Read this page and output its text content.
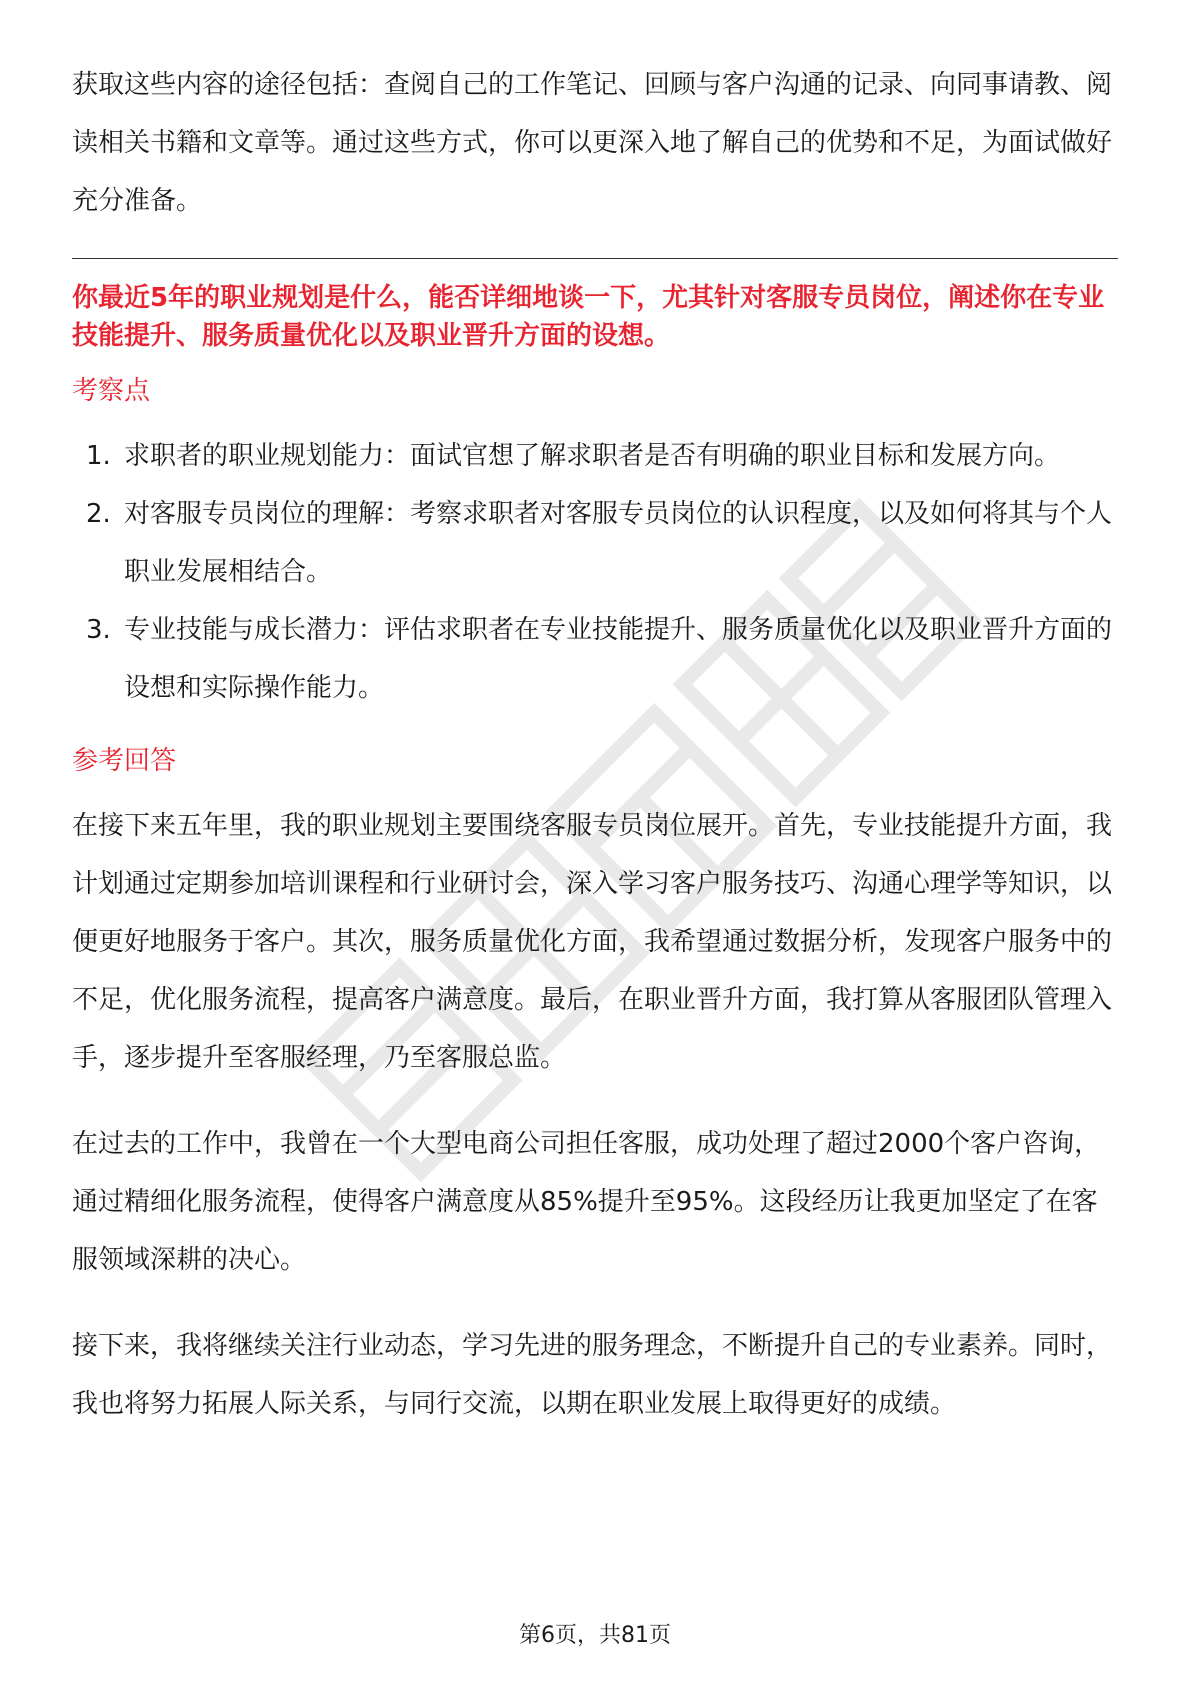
获取这些内容的途径包括：查阅自己的工作笔记、回顾与客户沟通的记录、向同事请教、阅读相关书籍和文章等。通过这些方式，你可以更深入地了解自己的优势和不足，为面试做好充分准备。

你最近5年的职业规划是什么，能否详细地谈一下，尤其针对客服专员岗位，阐述你在专业技能提升、服务质量优化以及职业晋升方面的设想。

考察点

1. 求职者的职业规划能力：面试官想了解求职者是否有明确的职业目标和发展方向。
2. 对客服专员岗位的理解：考察求职者对客服专员岗位的认识程度，以及如何将其与个人职业发展相结合。
3. 专业技能与成长潜力：评估求职者在专业技能提升、服务质量优化以及职业晋升方面的设想和实际操作能力。

参考回答

在接下来五年里，我的职业规划主要围绕客服专员岗位展开。首先，专业技能提升方面，我计划通过定期参加培训课程和行业研讨会，深入学习客户服务技巧、沟通心理学等知识，以便更好地服务于客户。其次，服务质量优化方面，我希望通过数据分析，发现客户服务中的不足，优化服务流程，提高客户满意度。最后，在职业晋升方面，我打算从客服团队管理入手，逐步提升至客服经理，乃至客服总监。

在过去的工作中，我曾在一个大型电商公司担任客服，成功处理了超过2000个客户咨询，通过精细化服务流程，使得客户满意度从85%提升至95%。这段经历让我更加坚定了在客服领域深耕的决心。

接下来，我将继续关注行业动态，学习先进的服务理念，不断提升自己的专业素养。同时，我也将努力拓展人际关系，与同行交流，以期在职业发展上取得更好的成绩。

第6页，共81页
